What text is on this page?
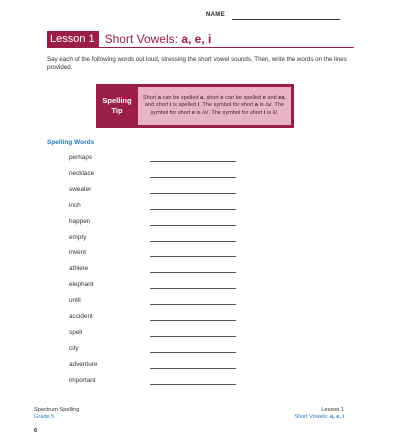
NAME
Lesson 1 Short Vowels: a, e, i
Say each of the following words out loud, stressing the short vowel sounds. Then, write the words on the lines provided.
Spelling
Tip
Short a can be spelled a, short e can be spelled e and ea, and short i is spelled i. The symbol for short a is /a/. The symbol for short e is /e/. The symbol for short i is /i/.
Spelling Words
perhaps
necklace
sweater
inch
happen
empty
invent
athlete
elephant
until
accident
spell
city
adventure
important
Spectrum Spelling
Grade 5
6
Lesson 1
Short Vowels: a, e, i
